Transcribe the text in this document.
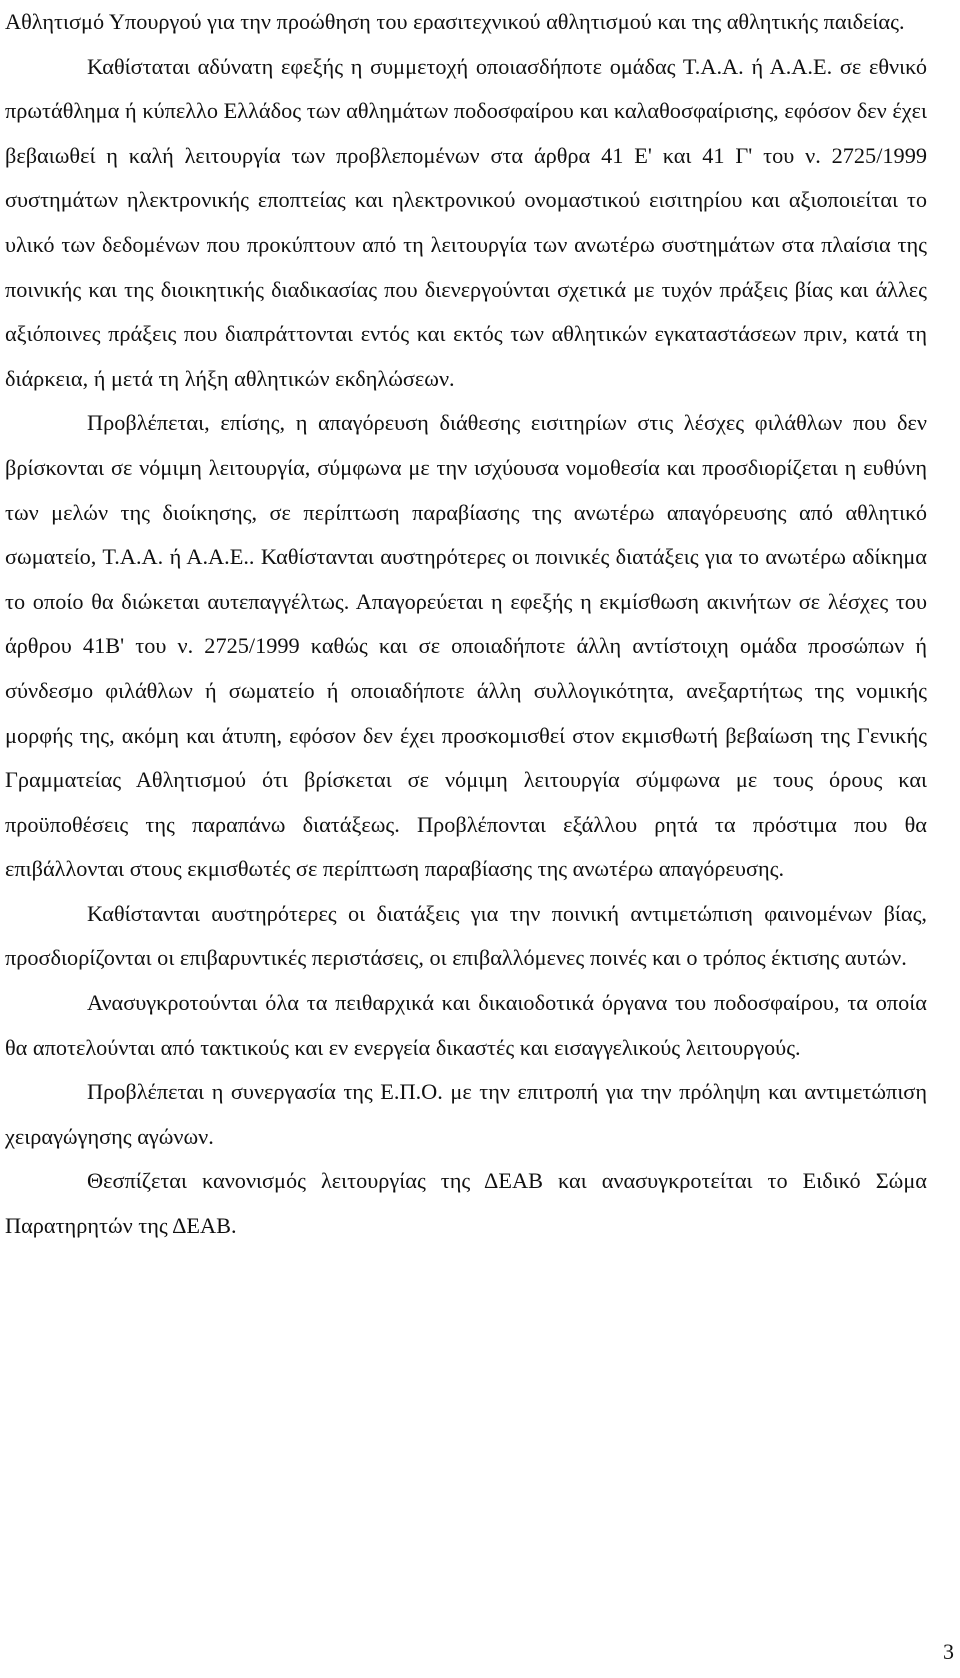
Αθλητισμό Υπουργού για την προώθηση του ερασιτεχνικού αθλητισμού και της αθλητικής παιδείας.

Καθίσταται αδύνατη εφεξής η συμμετοχή οποιασδήποτε ομάδας Τ.Α.Α. ή Α.Α.Ε. σε εθνικό πρωτάθλημα ή κύπελλο Ελλάδος των αθλημάτων ποδοσφαίρου και καλαθοσφαίρισης, εφόσον δεν έχει βεβαιωθεί η καλή λειτουργία των προβλεπομένων στα άρθρα 41 Ε' και 41 Γ' του ν. 2725/1999 συστημάτων ηλεκτρονικής εποπτείας και ηλεκτρονικού ονομαστικού εισιτηρίου και αξιοποιείται το υλικό των δεδομένων που προκύπτουν από τη λειτουργία των ανωτέρω συστημάτων στα πλαίσια της ποινικής και της διοικητικής διαδικασίας που διενεργούνται σχετικά με τυχόν πράξεις βίας και άλλες αξιόποινες πράξεις που διαπράττονται εντός και εκτός των αθλητικών εγκαταστάσεων πριν, κατά τη διάρκεια, ή μετά τη λήξη αθλητικών εκδηλώσεων.

Προβλέπεται, επίσης, η απαγόρευση διάθεσης εισιτηρίων στις λέσχες φιλάθλων που δεν βρίσκονται σε νόμιμη λειτουργία, σύμφωνα με την ισχύουσα νομοθεσία και προσδιορίζεται η ευθύνη των μελών της διοίκησης, σε περίπτωση παραβίασης της ανωτέρω απαγόρευσης από αθλητικό σωματείο, Τ.Α.Α. ή Α.Α.Ε.. Καθίστανται αυστηρότερες οι ποινικές διατάξεις για το ανωτέρω αδίκημα το οποίο θα διώκεται αυτεπαγγέλτως. Απαγορεύεται η εφεξής η εκμίσθωση ακινήτων σε λέσχες του άρθρου 41Β' του ν. 2725/1999 καθώς και σε οποιαδήποτε άλλη αντίστοιχη ομάδα προσώπων ή σύνδεσμο φιλάθλων ή σωματείο ή οποιαδήποτε άλλη συλλογικότητα, ανεξαρτήτως της νομικής μορφής της, ακόμη και άτυπη, εφόσον δεν έχει προσκομισθεί στον εκμισθωτή βεβαίωση της Γενικής Γραμματείας Αθλητισμού ότι βρίσκεται σε νόμιμη λειτουργία σύμφωνα με τους όρους και προϋποθέσεις της παραπάνω διατάξεως. Προβλέπονται εξάλλου ρητά τα πρόστιμα που θα επιβάλλονται στους εκμισθωτές σε περίπτωση παραβίασης της ανωτέρω απαγόρευσης.

Καθίστανται αυστηρότερες οι διατάξεις για την ποινική αντιμετώπιση φαινομένων βίας, προσδιορίζονται οι επιβαρυντικές περιστάσεις, οι επιβαλλόμενες ποινές και ο τρόπος έκτισης αυτών.

Ανασυγκροτούνται όλα τα πειθαρχικά και δικαιοδοτικά όργανα του ποδοσφαίρου, τα οποία θα αποτελούνται από τακτικούς και εν ενεργεία δικαστές και εισαγγελικούς λειτουργούς.

Προβλέπεται η συνεργασία της Ε.Π.Ο. με την επιτροπή για την πρόληψη και αντιμετώπιση χειραγώγησης αγώνων.

Θεσπίζεται κανονισμός λειτουργίας της ΔΕΑΒ και ανασυγκροτείται το Ειδικό Σώμα Παρατηρητών της ΔΕΑΒ.

3
